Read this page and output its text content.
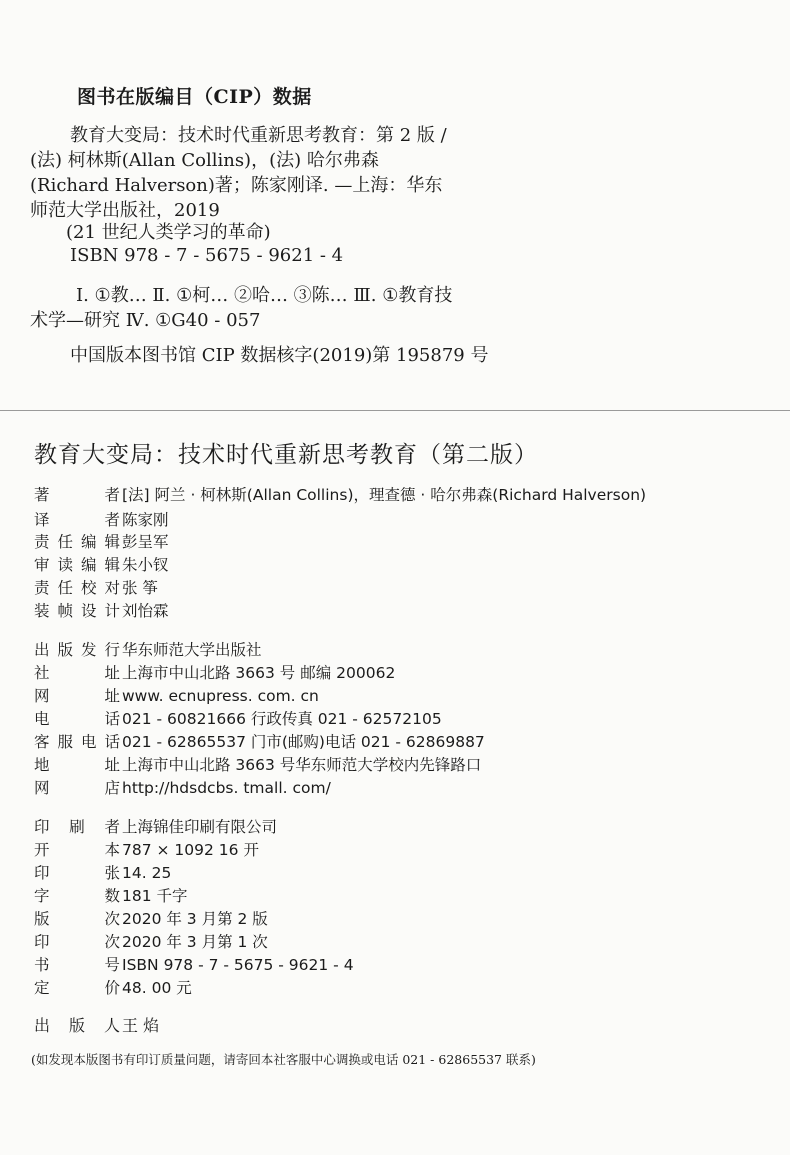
图书在版编目（CIP）数据
教育大变局：技术时代重新思考教育：第 2 版 /
(法) 柯林斯(Allan Collins)，(法) 哈尔弗森
(Richard Halverson)著；陈家刚译. —上海：华东
师范大学出版社，2019
(21 世纪人类学习的革命)
ISBN 978 - 7 - 5675 - 9621 - 4
Ⅰ. ①教… Ⅱ. ①柯… ②哈… ③陈… Ⅲ. ①教育技
术学—研究 Ⅳ. ①G40 - 057
中国版本图书馆 CIP 数据核字(2019)第 195879 号
教育大变局：技术时代重新思考教育（第二版）
著 者 [法] 阿兰 · 柯林斯(Allan Collins)，理查德 · 哈尔弗森(Richard Halverson)
译 者 陈家刚
责任编辑 彭呈军
审读编辑 朱小钗
责任校对 张 筝
装帧设计 刘怡霖
出版发行 华东师范大学出版社
社 址 上海市中山北路 3663 号 邮编 200062
网 址 www. ecnupress. com. cn
电 话 021 - 60821666 行政传真 021 - 62572105
客服电话 021 - 62865537 门市(邮购)电话 021 - 62869887
地 址 上海市中山北路 3663 号华东师范大学校内先锋路口
网 店 http://hdsdcbs. tmall. com/
印 刷 者 上海锦佳印刷有限公司
开 本 787 × 1092 16 开
印 张 14. 25
字 数 181 千字
版 次 2020 年 3 月第 2 版
印 次 2020 年 3 月第 1 次
书 号 ISBN 978 - 7 - 5675 - 9621 - 4
定 价 48. 00 元
出 版 人 王 焰
(如发现本版图书有印订质量问题，请寄回本社客服中心调换或电话 021 - 62865537 联系)
